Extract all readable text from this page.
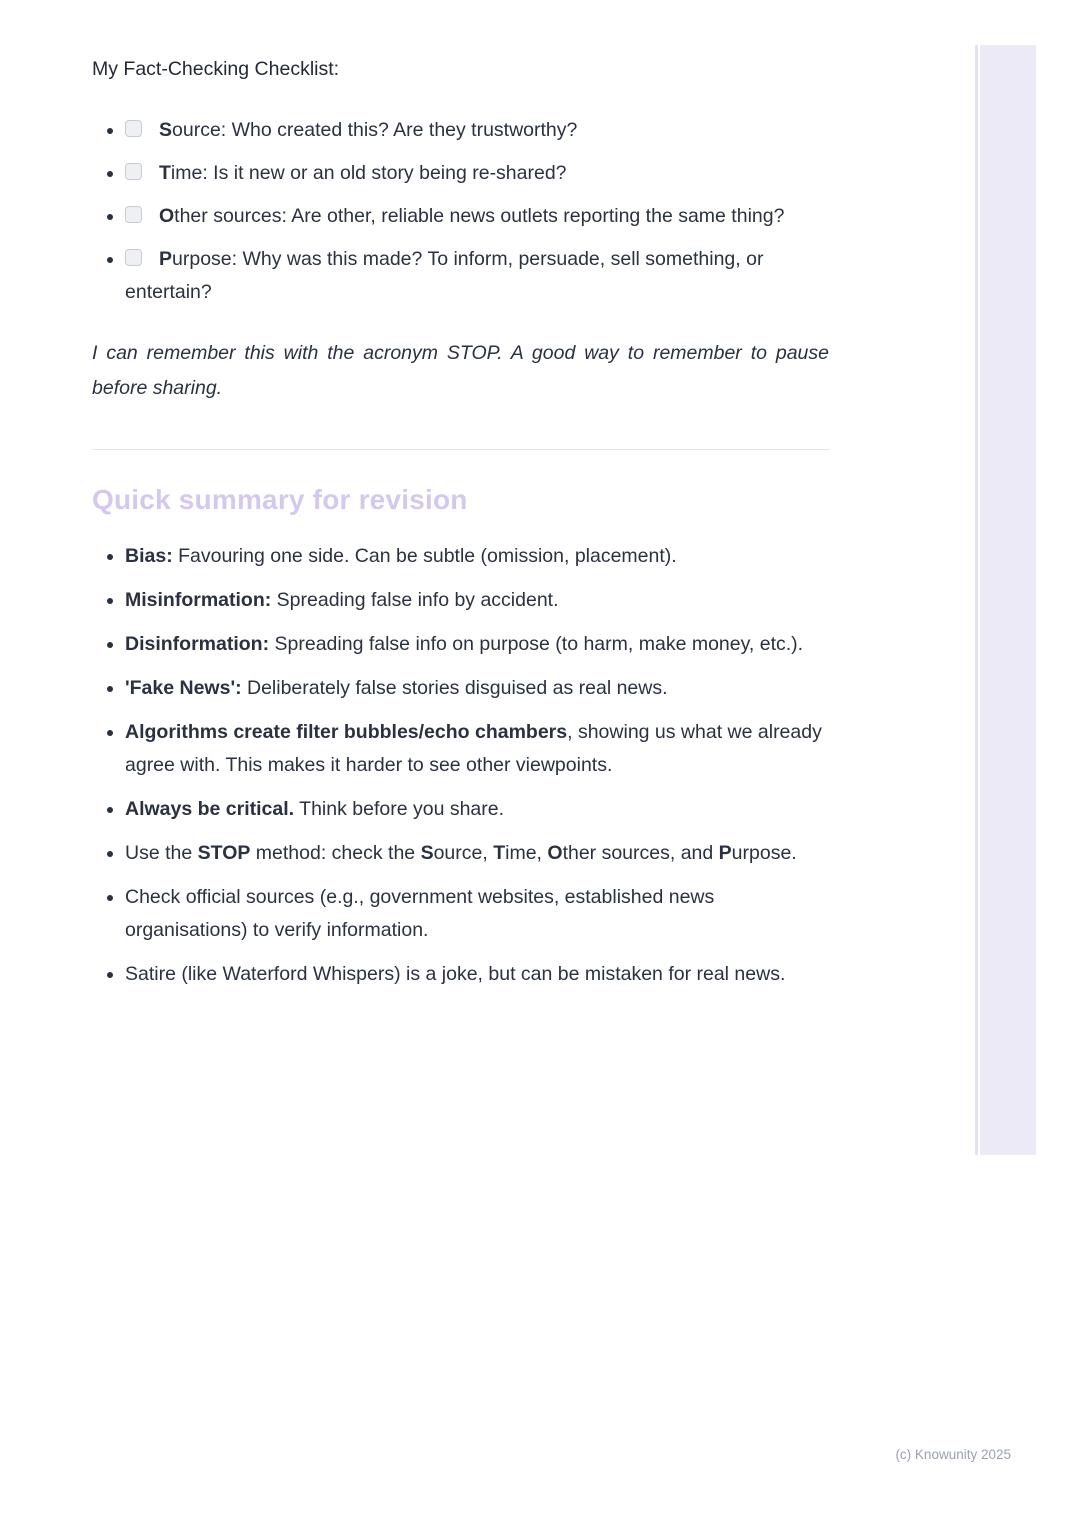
My Fact-Checking Checklist:
• Source: Who created this? Are they trustworthy?
• Time: Is it new or an old story being re-shared?
• Other sources: Are other, reliable news outlets reporting the same thing?
• Purpose: Why was this made? To inform, persuade, sell something, or entertain?

I can remember this with the acronym STOP. A good way to remember to pause before sharing.

Quick summary for revision
• Bias: Favouring one side. Can be subtle (omission, placement).
• Misinformation: Spreading false info by accident.
• Disinformation: Spreading false info on purpose (to harm, make money, etc.).
• 'Fake News': Deliberately false stories disguised as real news.
• Algorithms create filter bubbles/echo chambers, showing us what we already agree with. This makes it harder to see other viewpoints.
• Always be critical. Think before you share.
• Use the STOP method: check the Source, Time, Other sources, and Purpose.
• Check official sources (e.g., government websites, established news organisations) to verify information.
• Satire (like Waterford Whispers) is a joke, but can be mistaken for real news.
(c) Knowunity 2025
